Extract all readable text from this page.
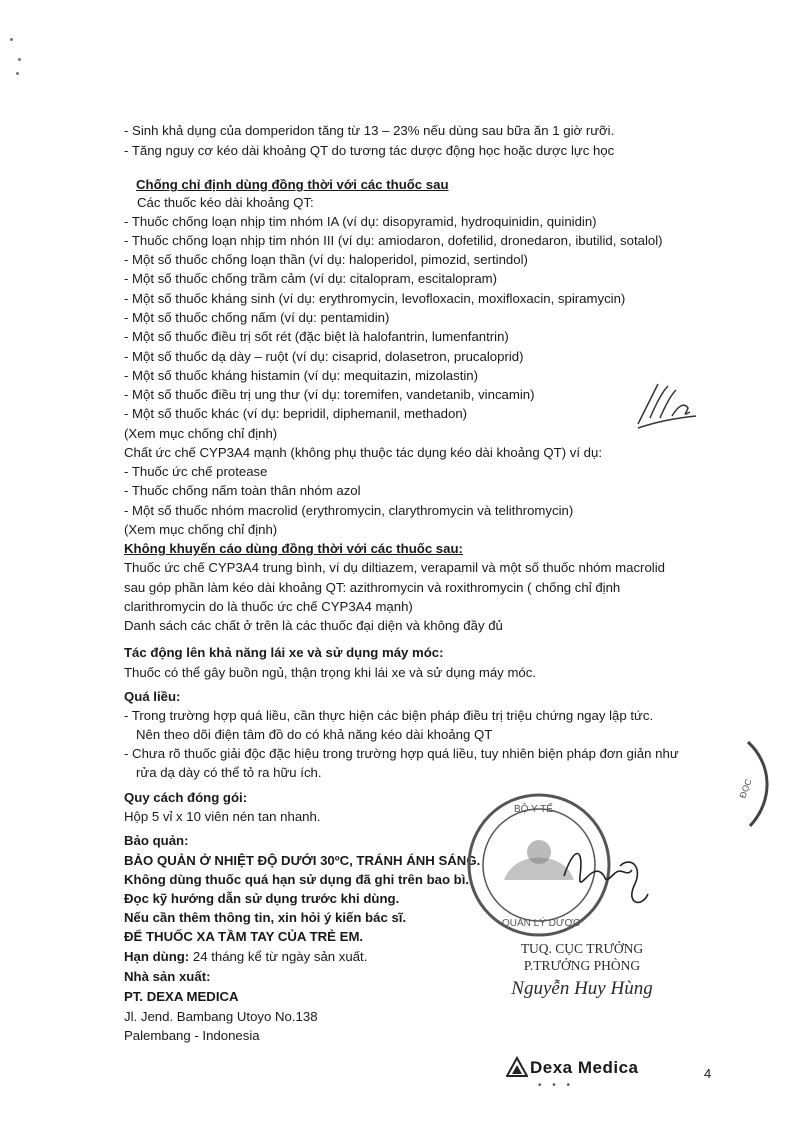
- Sinh khả dụng của domperidon tăng từ 13 – 23% nếu dùng sau bữa ăn 1 giờ rưỡi.
- Tăng nguy cơ kéo dài khoảng QT do tương tác dược động học hoặc dược lực học
Chống chỉ định dùng đồng thời với các thuốc sau
Các thuốc kéo dài khoảng QT:
- Thuốc chống loạn nhịp tim nhóm IA (ví dụ: disopyramid, hydroquinidin, quinidin)
- Thuốc chống loạn nhịp tim nhón III (ví dụ: amiodaron, dofetilid, dronedaron, ibutilid, sotalol)
- Một số thuốc chống loạn thần (ví dụ: haloperidol, pimozid, sertindol)
- Một số thuốc chống trầm cảm (ví dụ: citalopram, escitalopram)
- Một số thuốc kháng sinh (ví dụ: erythromycin, levofloxacin, moxifloxacin, spiramycin)
- Một số thuốc chống nấm (ví dụ: pentamidin)
- Một số thuốc điều trị sốt rét (đặc biệt là halofantrin, lumenfantrin)
- Một số thuốc dạ dày – ruột (ví dụ: cisaprid, dolasetron, prucaloprid)
- Một số thuốc kháng histamin (ví dụ: mequitazin, mizolastin)
- Một số thuốc điều trị ung thư (ví dụ: toremifen, vandetanib, vincamin)
- Một số thuốc khác (ví dụ: bepridil, diphemanil, methadon)
(Xem mục chống chỉ định)
Chất ức chế CYP3A4 mạnh (không phụ thuộc tác dụng kéo dài khoảng QT) ví dụ:
- Thuốc ức chế protease
- Thuốc chống nấm toàn thân nhóm azol
- Một số thuốc nhóm macrolid (erythromycin, clarythromycin và telithromycin)
(Xem mục chống chỉ định)
Không khuyến cáo dùng đồng thời với các thuốc sau:
Thuốc ức chế CYP3A4 trung bình, ví dụ diltiazem, verapamil và một số thuốc nhóm macrolid
sau góp phần làm kéo dài khoảng QT: azithromycin và roxithromycin ( chống chỉ định
clarithromycin do là thuốc ức chế CYP3A4 mạnh)
Danh sách các chất ở trên là các thuốc đại diện và không đầy đủ
Tác động lên khả năng lái xe và sử dụng máy móc:
Thuốc có thể gây buồn ngủ, thận trọng khi lái xe và sử dụng máy móc.
Quá liều:
- Trong trường hợp quá liều, cần thực hiện các biện pháp điều trị triệu chứng ngay lập tức.
Nên theo dõi điện tâm đồ do có khả năng kéo dài khoảng QT
- Chưa rõ thuốc giải độc đặc hiệu trong trường hợp quá liều, tuy nhiên biện pháp đơn giản như
rửa dạ dày có thể tỏ ra hữu ích.
Quy cách đóng gói:
Hộp 5 vỉ x 10 viên nén tan nhanh.
Bảo quản:
BẢO QUẢN Ở NHIỆT ĐỘ DƯỚI 30ºC, TRÁNH ÁNH SÁNG.
Không dùng thuốc quá hạn sử dụng đã ghi trên bao bì.
Đọc kỹ hướng dẫn sử dụng trước khi dùng.
Nếu cần thêm thông tin, xin hỏi ý kiến bác sĩ.
ĐỂ THUỐC XA TẦM TAY CỦA TRẺ EM.
Hạn dùng: 24 tháng kể từ ngày sản xuất.
Nhà sản xuất:
PT. DEXA MEDICA
Jl. Jend. Bambang Utoyo No.138
Palembang - Indonesia
ĐỌC
BỘ Y TẾ
QUẢN LÝ DƯỢC
TUQ. CỤC TRƯỞNG
P.TRƯỞNG PHÒNG
Nguyễn Huy Hùng
Dexa Medica
• • •
4
